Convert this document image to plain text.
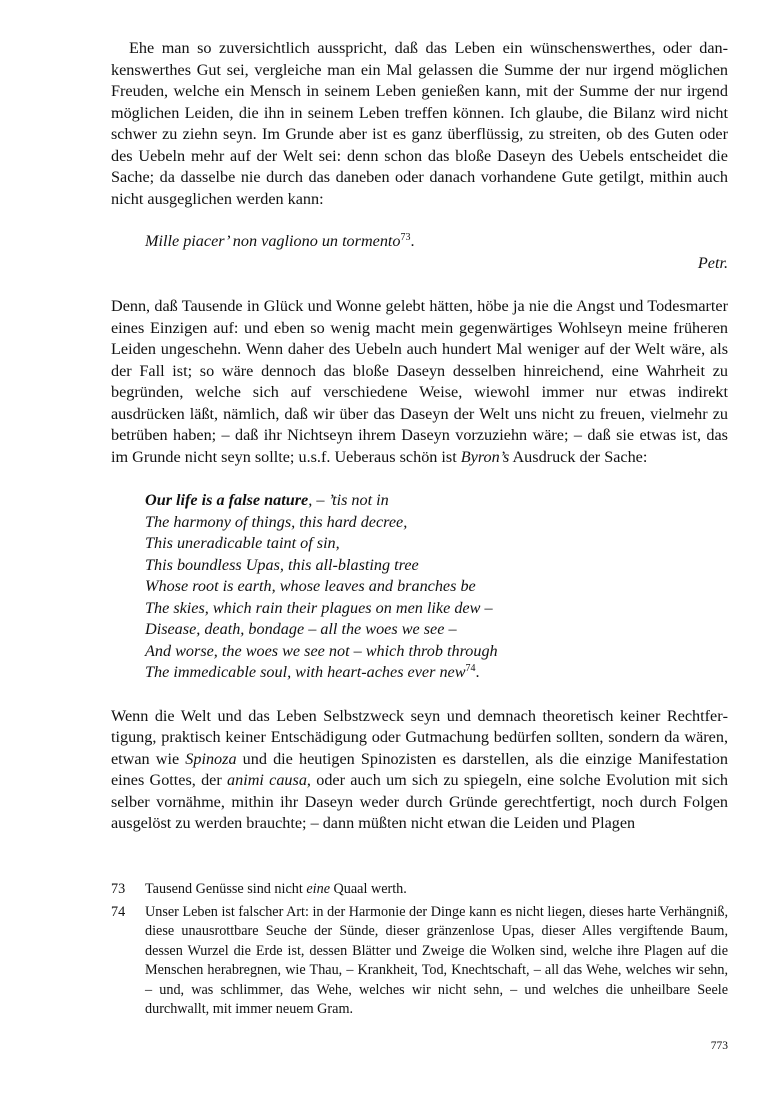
Ehe man so zuversichtlich ausspricht, daß das Leben ein wünschenswerthes, oder dankenswerthes Gut sei, vergleiche man ein Mal gelassen die Summe der nur irgend möglichen Freuden, welche ein Mensch in seinem Leben genießen kann, mit der Summe der nur irgend möglichen Leiden, die ihn in seinem Leben treffen können. Ich glaube, die Bilanz wird nicht schwer zu ziehn seyn. Im Grunde aber ist es ganz überflüssig, zu streiten, ob des Guten oder des Uebeln mehr auf der Welt sei: denn schon das bloße Daseyn des Uebels entscheidet die Sache; da dasselbe nie durch das daneben oder danach vorhandene Gute getilgt, mithin auch nicht ausgeglichen werden kann:

Mille piacer’ non vagliono un tormento$^{73}$.
Petr.

Denn, daß Tausende in Glück und Wonne gelebt hätten, höbe ja nie die Angst und Todesmarter eines Einzigen auf: und eben so wenig macht mein gegenwärtiges Wohlseyn meine früheren Leiden ungeschehn. Wenn daher des Uebeln auch hundert Mal weniger auf der Welt wäre, als der Fall ist; so wäre dennoch das bloße Daseyn desselben hinreichend, eine Wahrheit zu begründen, welche sich auf verschiedene Weise, wiewohl immer nur etwas indirekt ausdrücken läßt, nämlich, daß wir über das Daseyn der Welt uns nicht zu freuen, vielmehr zu betrüben haben; – daß ihr Nichtseyn ihrem Daseyn vorzuziehn wäre; – daß sie etwas ist, das im Grunde nicht seyn sollte; u.s.f. Ueberaus schön ist Byron’s Ausdruck der Sache:

Our life is a false nature, – ’tis not in
The harmony of things, this hard decree,
This uneradicable taint of sin,
This boundless Upas, this all-blasting tree
Whose root is earth, whose leaves and branches be
The skies, which rain their plagues on men like dew –
Disease, death, bondage – all the woes we see –
And worse, the woes we see not – which throb through
The immedicable soul, with heart-aches ever new$^{74}$.

Wenn die Welt und das Leben Selbstzweck seyn und demnach theoretisch keiner Rechtfertigung, praktisch keiner Entschädigung oder Gutmachung bedürfen sollten, sondern da wären, etwan wie Spinoza und die heutigen Spinozisten es darstellen, als die einzige Manifestation eines Gottes, der animi causa, oder auch um sich zu spiegeln, eine solche Evolution mit sich selber vornähme, mithin ihr Daseyn weder durch Gründe gerechtfertigt, noch durch Folgen ausgelöst zu werden brauchte; – dann müßten nicht etwan die Leiden und Plagen

73	Tausend Genüsse sind nicht eine Quaal werth.
74	Unser Leben ist falscher Art: in der Harmonie der Dinge kann es nicht liegen, dieses harte Verhängniß, diese unausrottbare Seuche der Sünde, dieser gränzenlose Upas, dieser Alles vergiftende Baum, dessen Wurzel die Erde ist, dessen Blätter und Zweige die Wolken sind, welche ihre Plagen auf die Menschen herabregnen, wie Thau, – Krankheit, Tod, Knechtschaft, – all das Wehe, welches wir sehn, – und, was schlimmer, das Wehe, welches wir nicht sehn, – und welches die unheilbare Seele durchwallt, mit immer neuem Gram.
773
